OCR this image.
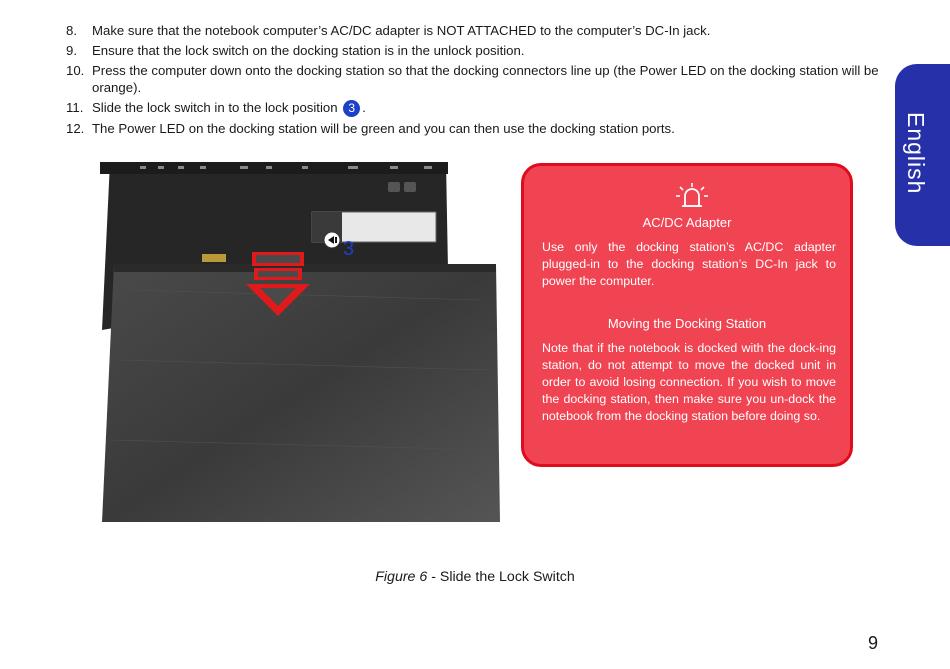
8. Make sure that the notebook computer’s AC/DC adapter is NOT ATTACHED to the computer’s DC-In jack.
9. Ensure that the lock switch on the docking station is in the unlock position.
10. Press the computer down onto the docking station so that the docking connectors line up (the Power LED on the docking station will be orange).
11. Slide the lock switch in to the lock position 3 .
12. The Power LED on the docking station will be green and you can then use the docking station ports.	English
3
AC/DC Adapter

Use only the docking station’s AC/DC adapter plugged-in to the docking station’s DC-In jack to power the computer.

Moving the Docking Station

Note that if the notebook is docked with the dock-ing station, do not attempt to move the docked unit in order to avoid losing connection. If you wish to move the docking station, then make sure you un-dock the notebook from the docking station before doing so.

Figure 6 - Slide the Lock Switch
9
